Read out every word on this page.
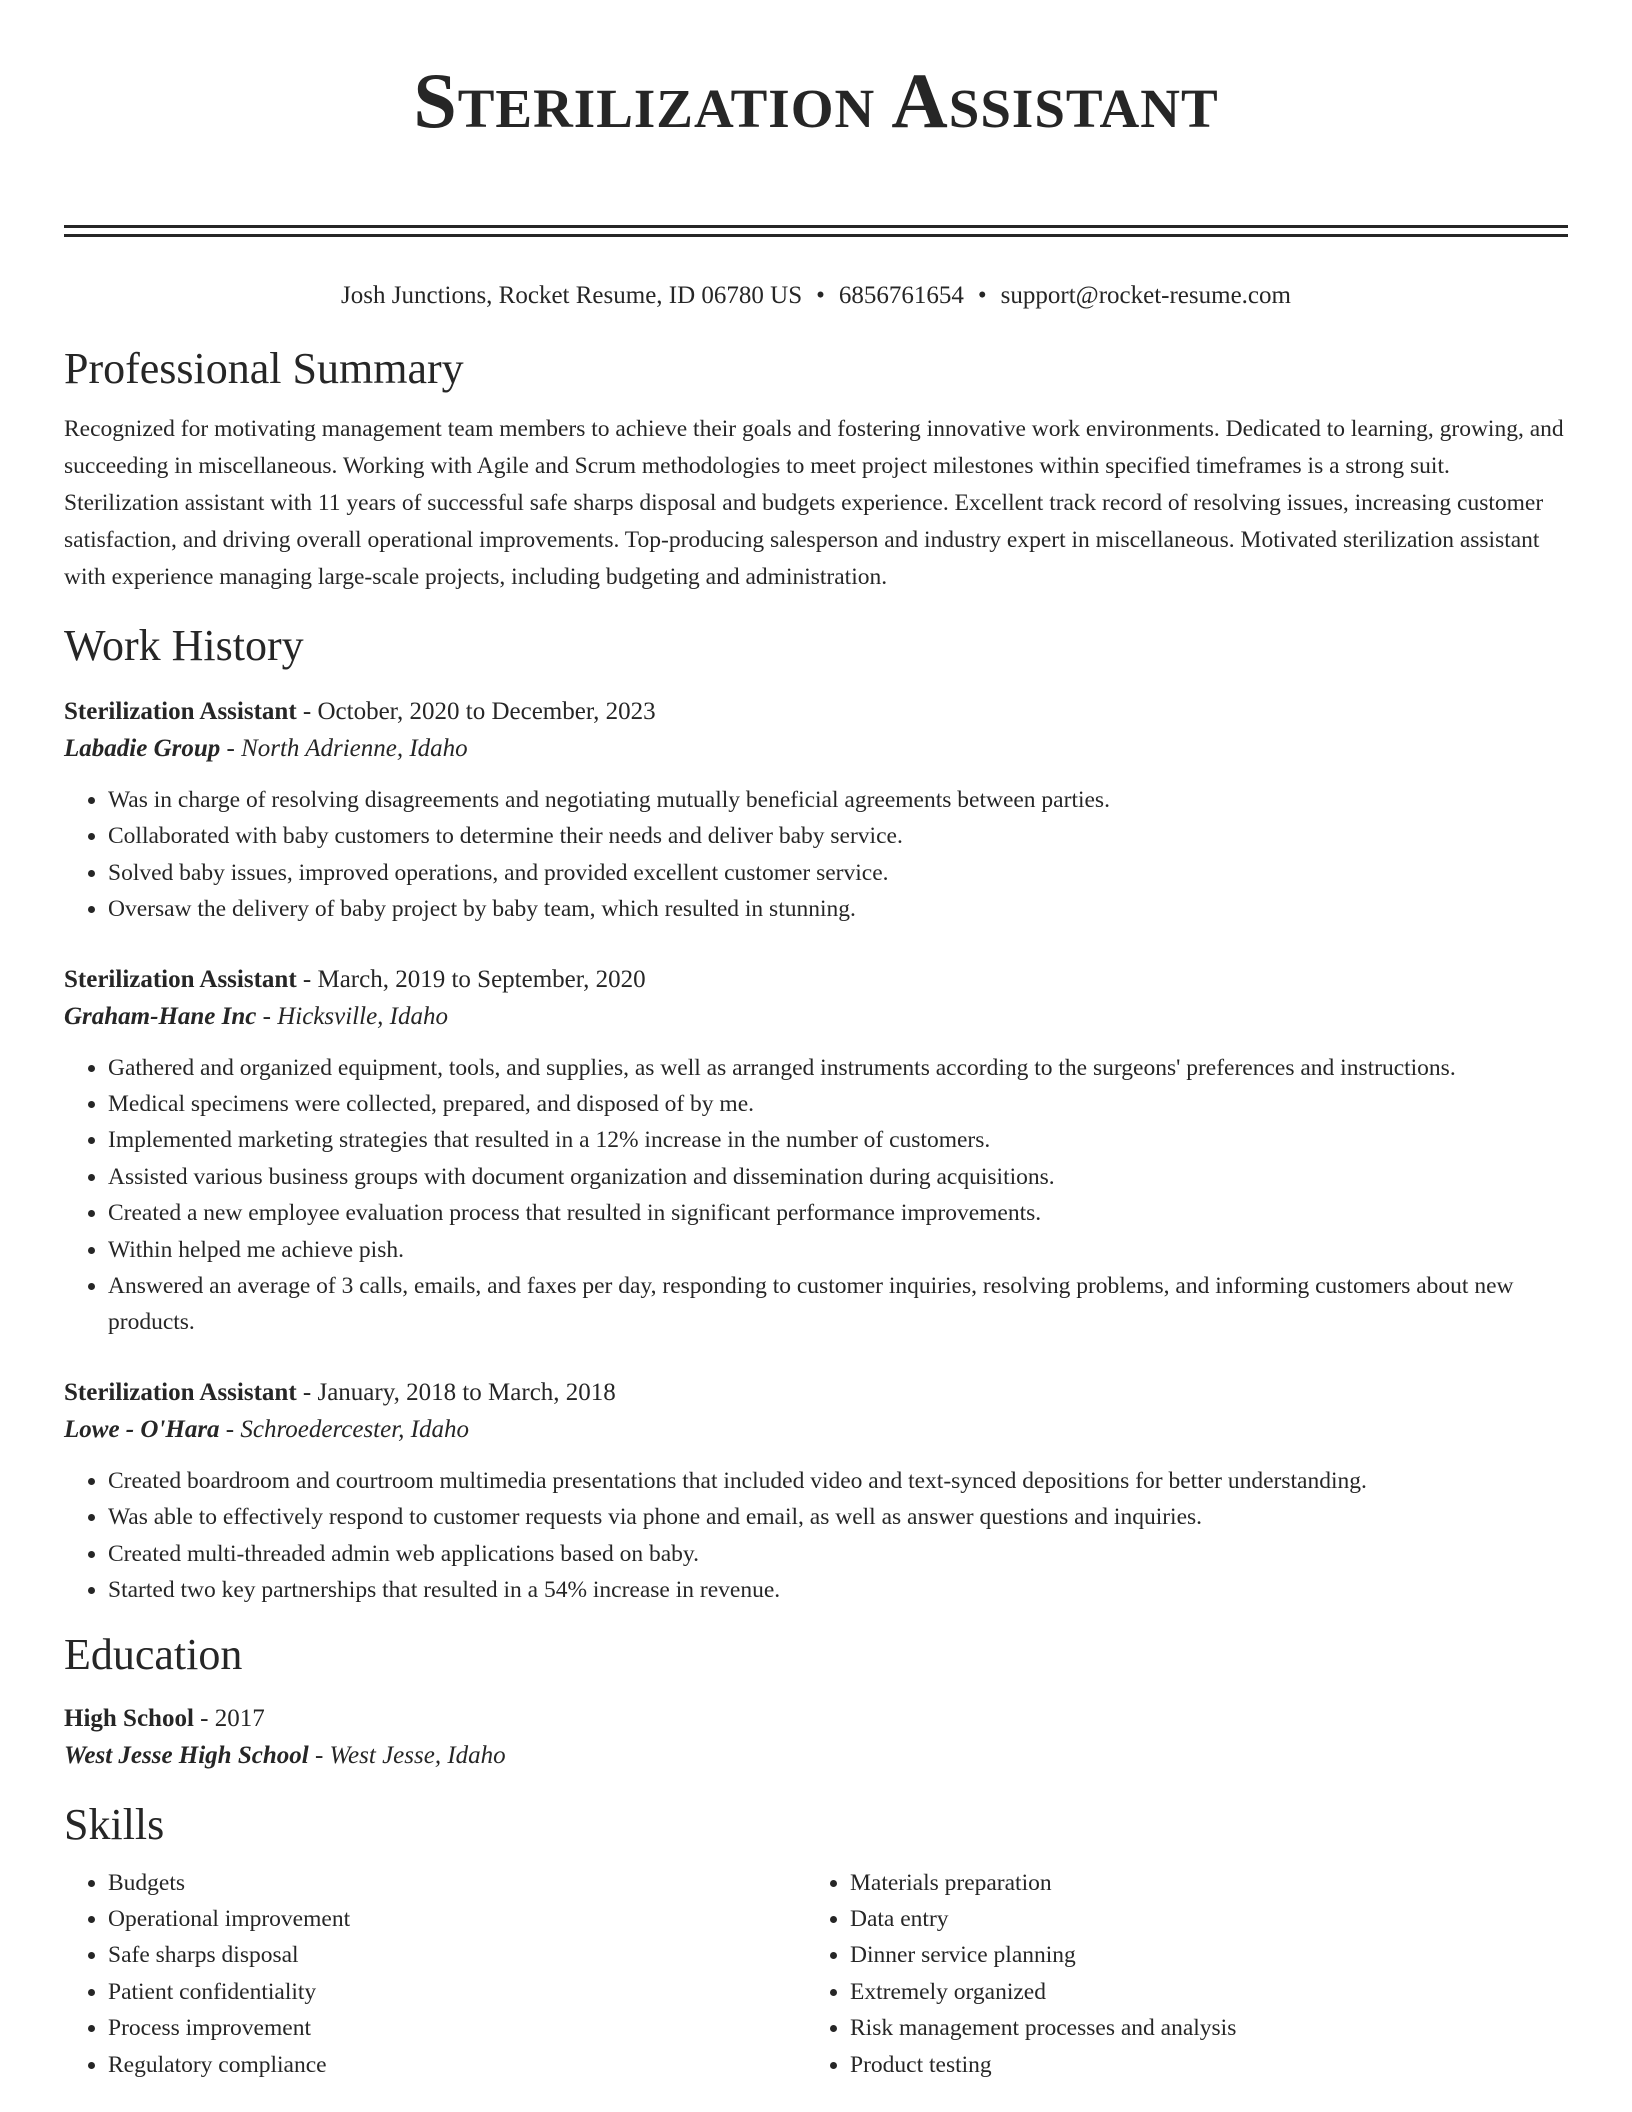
Sterilization Assistant
Josh Junctions, Rocket Resume, ID 06780 US • 6856761654 • support@rocket-resume.com
Professional Summary

Recognized for motivating management team members to achieve their goals and fostering innovative work environments. Dedicated to learning, growing, and succeeding in miscellaneous. Working with Agile and Scrum methodologies to meet project milestones within specified timeframes is a strong suit. Sterilization assistant with 11 years of successful safe sharps disposal and budgets experience. Excellent track record of resolving issues, increasing customer satisfaction, and driving overall operational improvements. Top-producing salesperson and industry expert in miscellaneous. Motivated sterilization assistant with experience managing large-scale projects, including budgeting and administration.

Work History
Sterilization Assistant - October, 2020 to December, 2023
Labadie Group - North Adrienne, Idaho
• Was in charge of resolving disagreements and negotiating mutually beneficial agreements between parties.
• Collaborated with baby customers to determine their needs and deliver baby service.
• Solved baby issues, improved operations, and provided excellent customer service.
• Oversaw the delivery of baby project by baby team, which resulted in stunning.
Sterilization Assistant - March, 2019 to September, 2020
Graham-Hane Inc - Hicksville, Idaho
• Gathered and organized equipment, tools, and supplies, as well as arranged instruments according to the surgeons' preferences and instructions.
• Medical specimens were collected, prepared, and disposed of by me.
• Implemented marketing strategies that resulted in a 12% increase in the number of customers.
• Assisted various business groups with document organization and dissemination during acquisitions.
• Created a new employee evaluation process that resulted in significant performance improvements.
• Within helped me achieve pish.
• Answered an average of 3 calls, emails, and faxes per day, responding to customer inquiries, resolving problems, and informing customers about new products.
Sterilization Assistant - January, 2018 to March, 2018
Lowe - O'Hara - Schroedercester, Idaho
• Created boardroom and courtroom multimedia presentations that included video and text-synced depositions for better understanding.
• Was able to effectively respond to customer requests via phone and email, as well as answer questions and inquiries.
• Created multi-threaded admin web applications based on baby.
• Started two key partnerships that resulted in a 54% increase in revenue.
Education
High School - 2017
West Jesse High School - West Jesse, Idaho
Skills
• Budgets
• Operational improvement
• Safe sharps disposal
• Patient confidentiality
• Process improvement
• Regulatory compliance
• Materials preparation
• Data entry
• Dinner service planning
• Extremely organized
• Risk management processes and analysis
• Product testing
